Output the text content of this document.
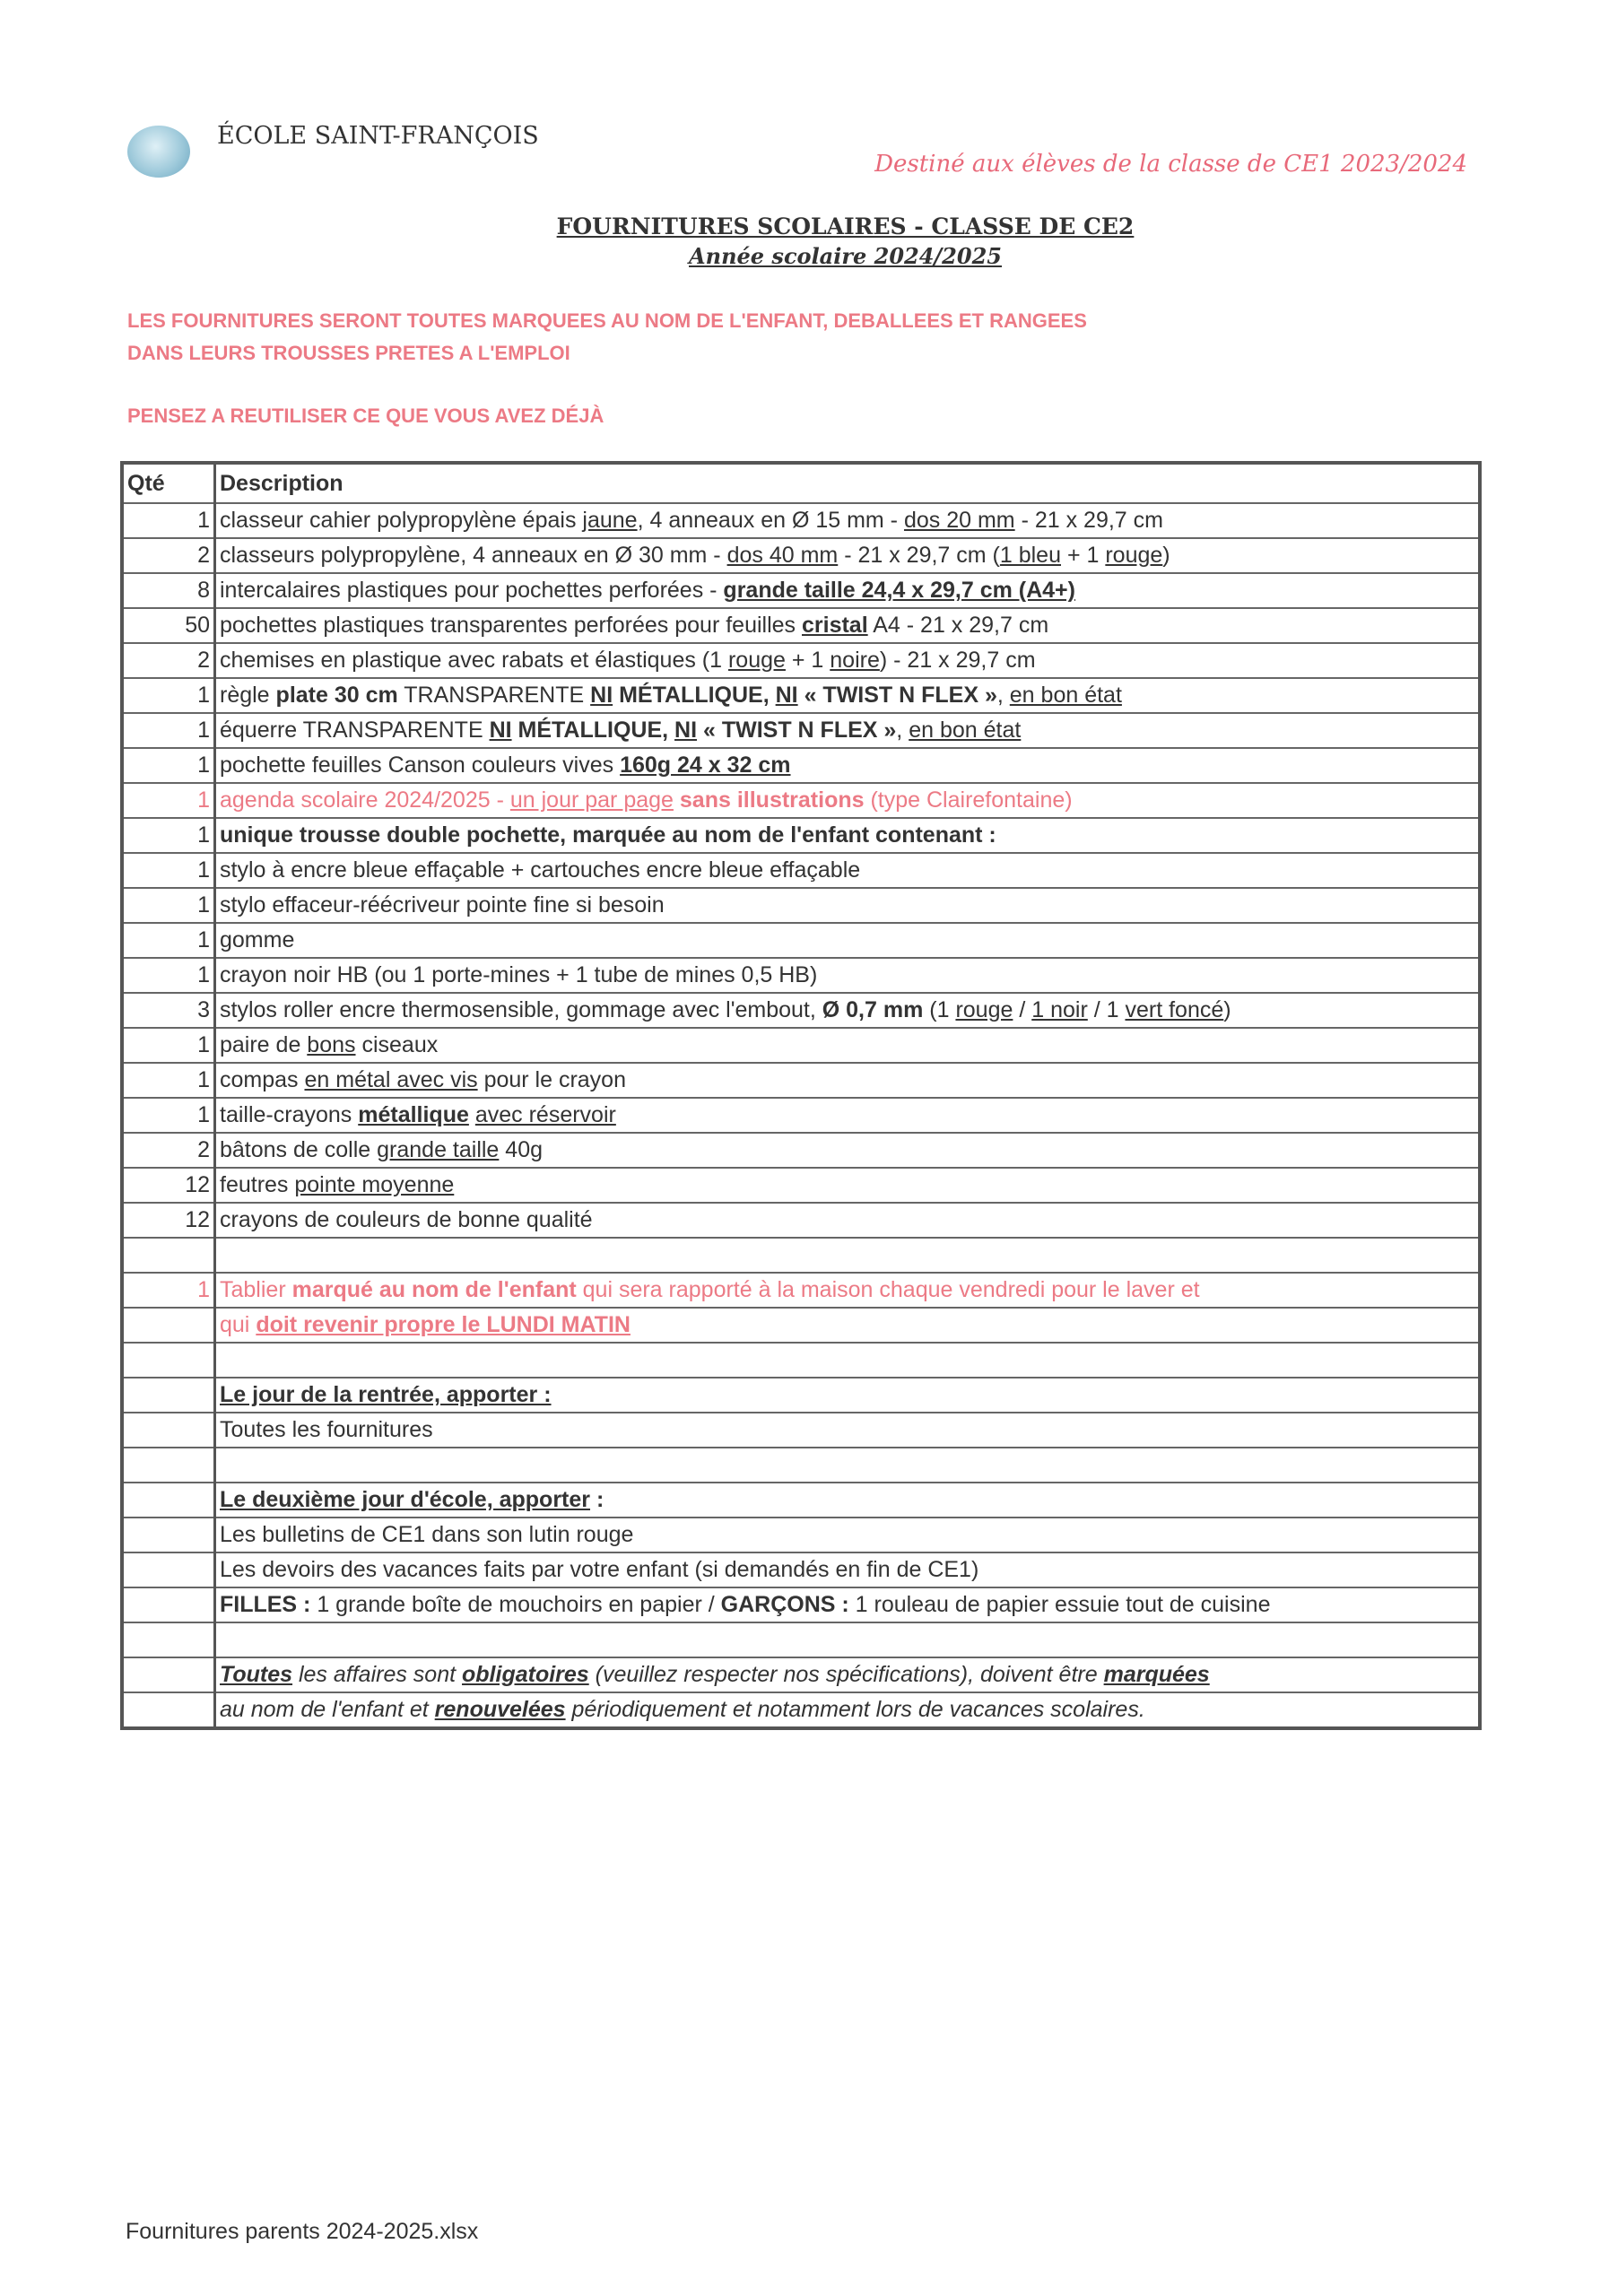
ÉCOLE SAINT-FRANÇOIS
Destiné aux élèves de la classe de CE1 2023/2024
FOURNITURES SCOLAIRES - CLASSE DE CE2
Année scolaire 2024/2025
LES FOURNITURES SERONT TOUTES MARQUEES AU NOM DE L'ENFANT, DEBALLEES ET RANGEES
DANS LEURS TROUSSES PRETES A L'EMPLOI
PENSEZ A REUTILISER CE QUE VOUS AVEZ DÉJÀ
Qté	Description
1	classeur cahier polypropylène épais jaune, 4 anneaux en Ø 15 mm - dos 20 mm - 21 x 29,7 cm
2	classeurs polypropylène, 4 anneaux en Ø 30 mm - dos 40 mm - 21 x 29,7 cm (1 bleu + 1 rouge)
8	intercalaires plastiques pour pochettes perforées - grande taille 24,4 x 29,7 cm (A4+)
50	pochettes plastiques transparentes perforées pour feuilles cristal A4 - 21 x 29,7 cm
2	chemises en plastique avec rabats et élastiques (1 rouge + 1 noire) - 21 x 29,7 cm
1	règle plate 30 cm TRANSPARENTE NI MÉTALLIQUE, NI « TWIST N FLEX », en bon état
1	équerre TRANSPARENTE NI MÉTALLIQUE, NI « TWIST N FLEX », en bon état
1	pochette feuilles Canson couleurs vives 160g 24 x 32 cm
1	agenda scolaire 2024/2025 - un jour par page sans illustrations (type Clairefontaine)
1	unique trousse double pochette, marquée au nom de l'enfant contenant :
1	stylo à encre bleue effaçable + cartouches encre bleue effaçable
1	stylo effaceur-réécriveur pointe fine si besoin
1	gomme
1	crayon noir HB (ou 1 porte-mines + 1 tube de mines 0,5 HB)
3	stylos roller encre thermosensible, gommage avec l'embout, Ø 0,7 mm (1 rouge / 1 noir / 1 vert foncé)
1	paire de bons ciseaux
1	compas en métal avec vis pour le crayon
1	taille-crayons métallique avec réservoir
2	bâtons de colle grande taille 40g
12	feutres pointe moyenne
12	crayons de couleurs de bonne qualité

1	Tablier marqué au nom de l'enfant qui sera rapporté à la maison chaque vendredi pour le laver et
	qui doit revenir propre le LUNDI MATIN

	Le jour de la rentrée, apporter :
	Toutes les fournitures

	Le deuxième jour d'école, apporter :
	Les bulletins de CE1 dans son lutin rouge
	Les devoirs des vacances faits par votre enfant (si demandés en fin de CE1)
	FILLES : 1 grande boîte de mouchoirs en papier / GARÇONS : 1 rouleau de papier essuie tout de cuisine

	Toutes les affaires sont obligatoires (veuillez respecter nos spécifications), doivent être marquées
	au nom de l'enfant et renouvelées périodiquement et notamment lors de vacances scolaires.
Fournitures parents 2024-2025.xlsx
